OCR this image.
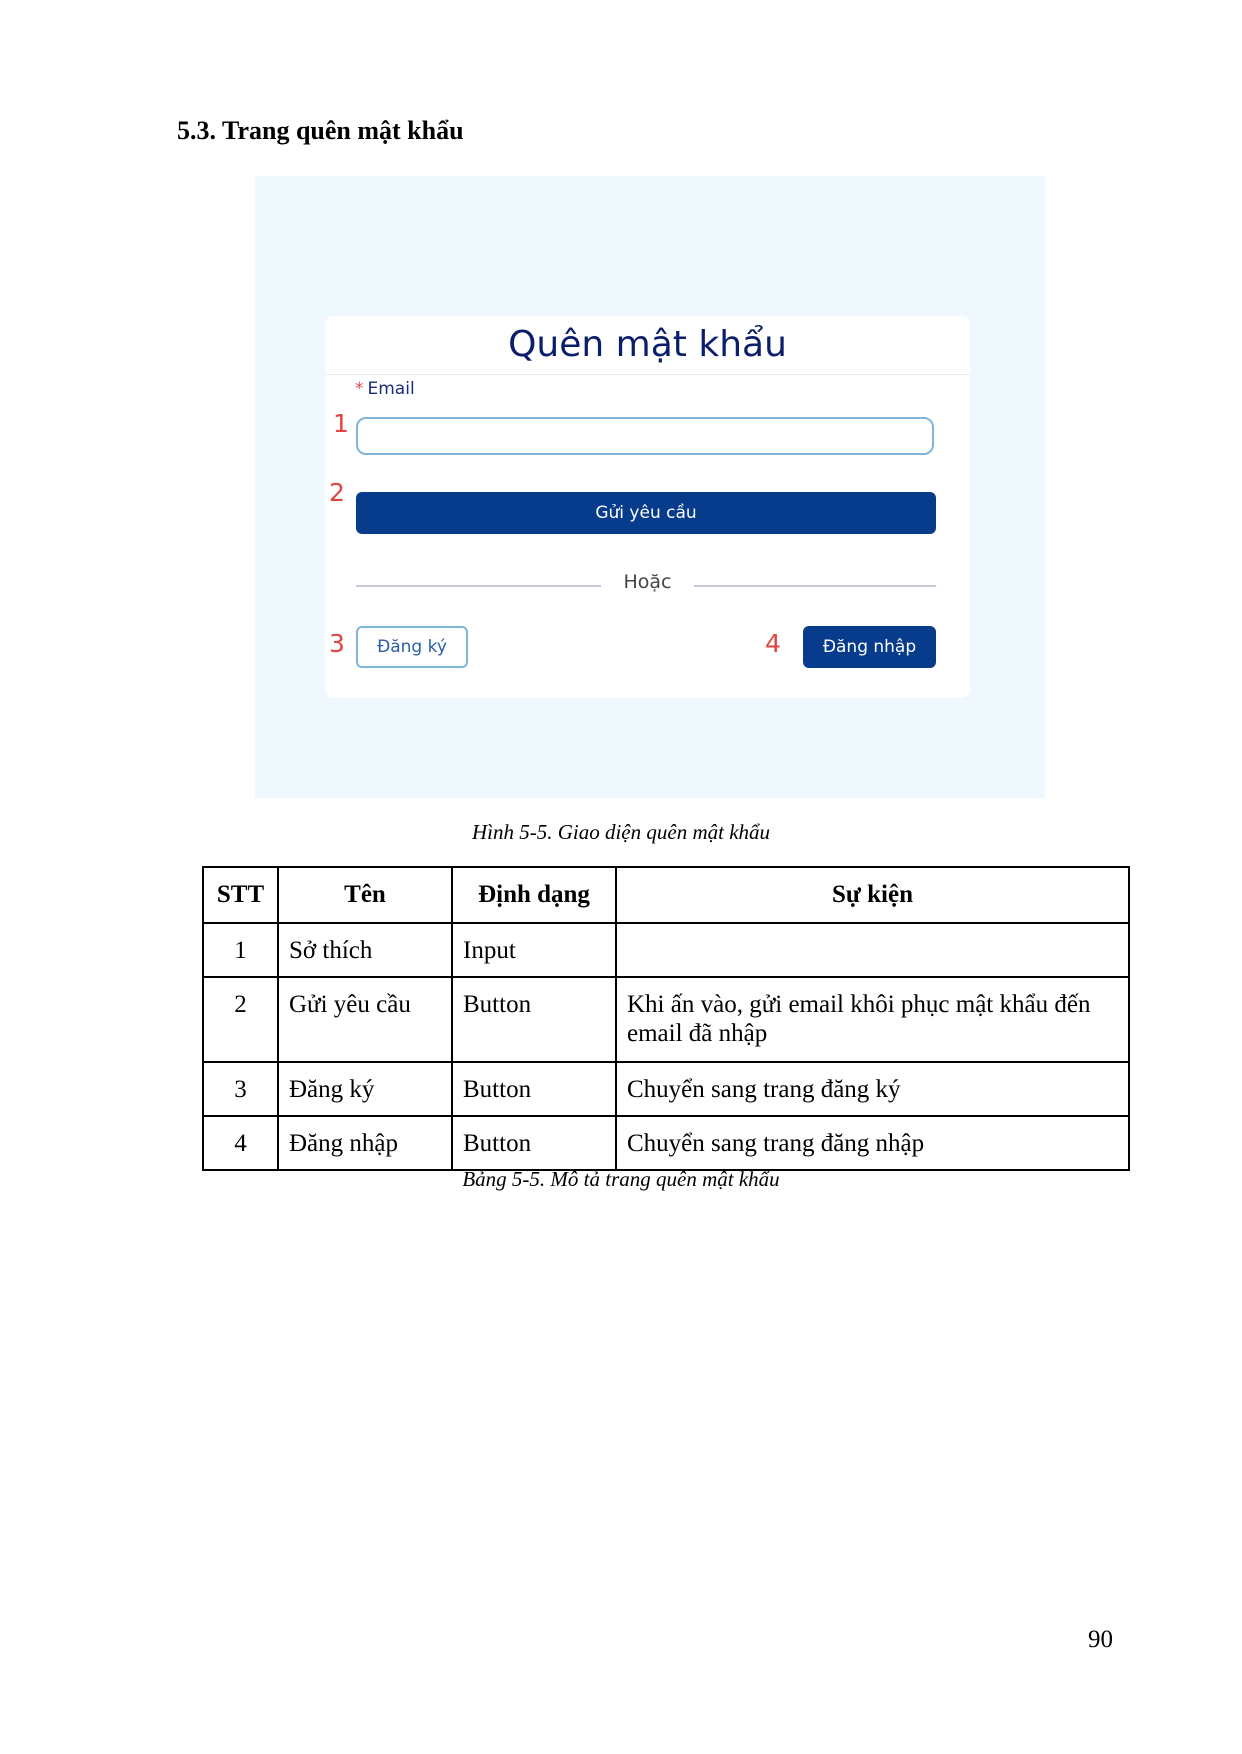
5.3. Trang quên mật khẩu
Quên mật khẩu
* Email
1
2
Gửi yêu cầu
Hoặc
3	Đăng ký	4	Đăng nhập
Hình 5-5. Giao diện quên mật khẩu
STT	Tên	Định dạng	Sự kiện
1	Sở thích	Input	
2	Gửi yêu cầu	Button	Khi ấn vào, gửi email khôi phục mật khẩu đến email đã nhập
3	Đăng ký	Button	Chuyển sang trang đăng ký
4	Đăng nhập	Button	Chuyển sang trang đăng nhập
Bảng 5-5. Mô tả trang quên mật khẩu
90
